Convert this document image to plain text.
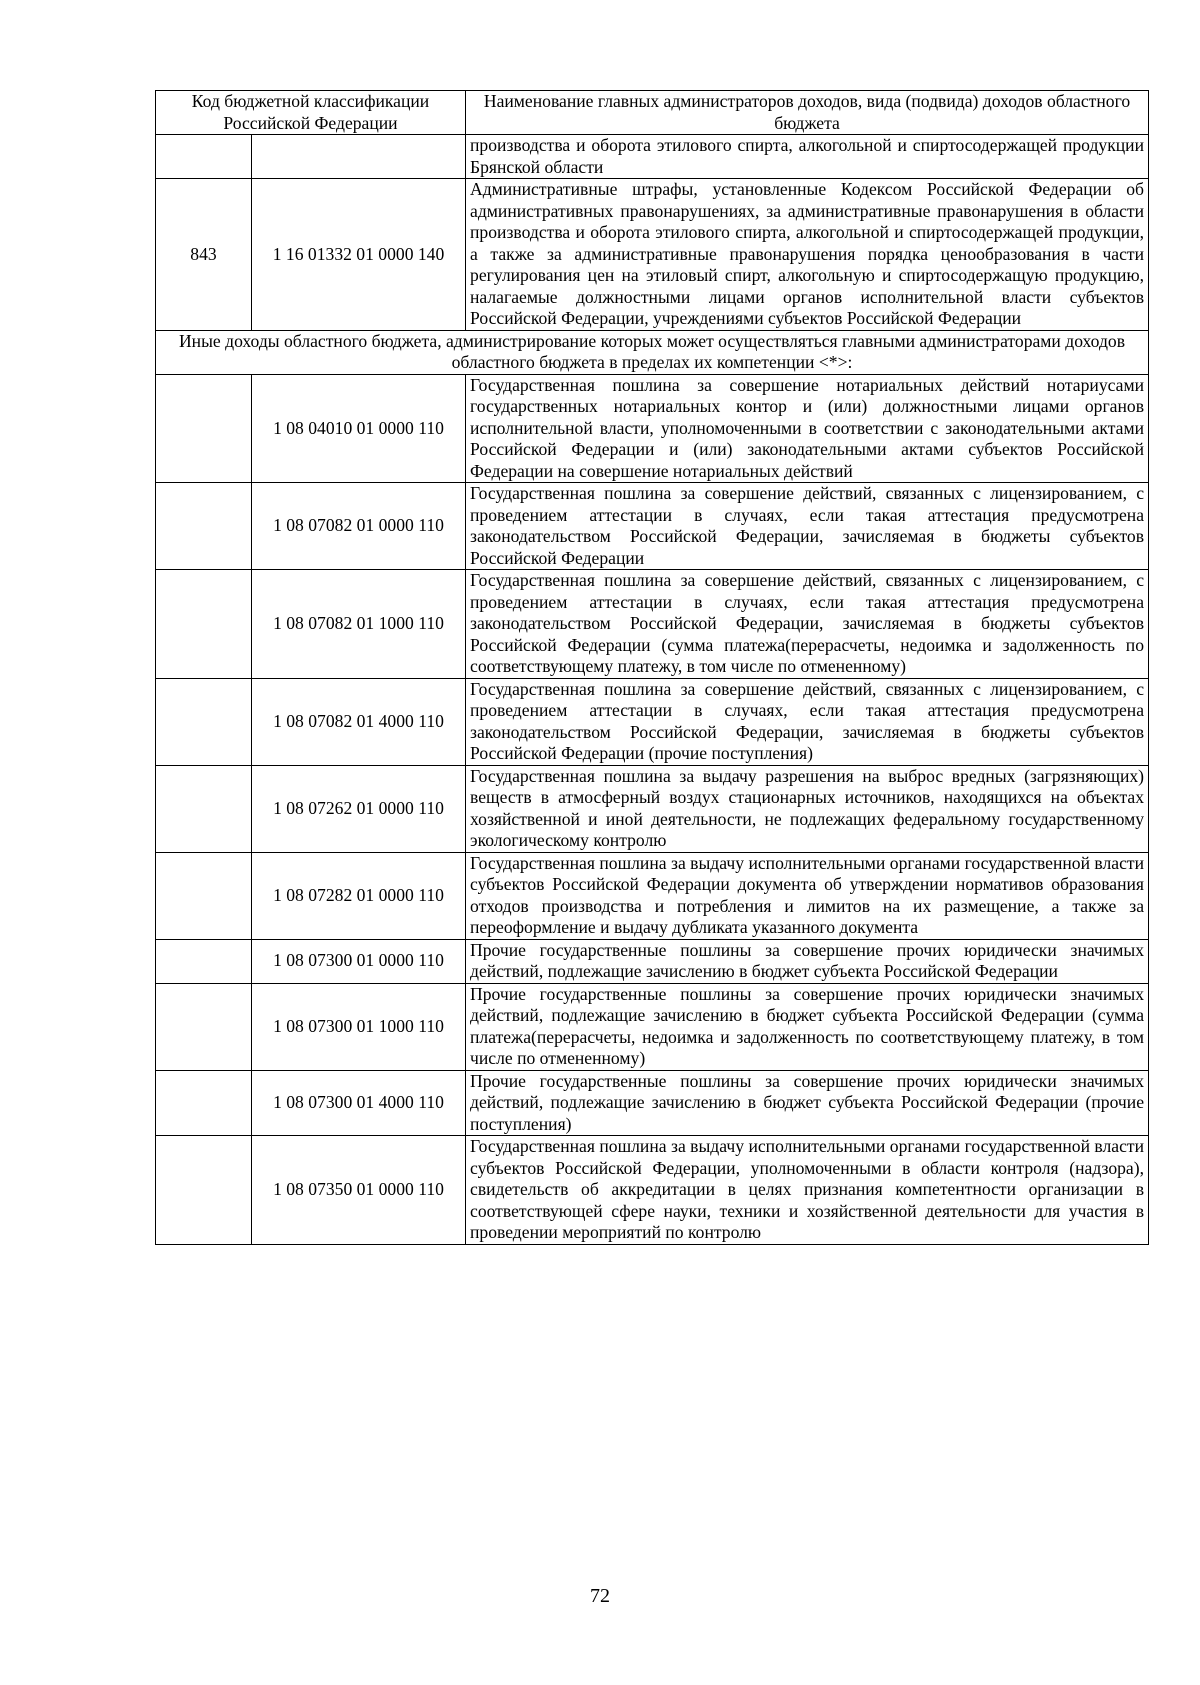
Код бюджетной классификации Российской Федерации		Наименование главных администраторов доходов, вида (подвида) доходов областного бюджета
		производства и оборота этилового спирта, алкогольной и спиртосодержащей продукции Брянской области
843	1 16 01332 01 0000 140	Административные штрафы, установленные Кодексом Российской Федерации об административных правонарушениях, за административные правонарушения в области производства и оборота этилового спирта, алкогольной и спиртосодержащей продукции, а также за административные правонарушения порядка ценообразования в части регулирования цен на этиловый спирт, алкогольную и спиртосодержащую продукцию, налагаемые должностными лицами органов исполнительной власти субъектов Российской Федерации, учреждениями субъектов Российской Федерации
Иные доходы областного бюджета, администрирование которых может осуществляться главными администраторами доходов областного бюджета в пределах их компетенции <*>:		
	1 08 04010 01 0000 110	Государственная пошлина за совершение нотариальных действий нотариусами государственных нотариальных контор и (или) должностными лицами органов исполнительной власти, уполномоченными в соответствии с законодательными актами Российской Федерации и (или) законодательными актами субъектов Российской Федерации на совершение нотариальных действий
	1 08 07082 01 0000 110	Государственная пошлина за совершение действий, связанных с лицензированием, с проведением аттестации в случаях, если такая аттестация предусмотрена законодательством Российской Федерации, зачисляемая в бюджеты субъектов Российской Федерации
	1 08 07082 01 1000 110	Государственная пошлина за совершение действий, связанных с лицензированием, с проведением аттестации в случаях, если такая аттестация предусмотрена законодательством Российской Федерации, зачисляемая в бюджеты субъектов Российской Федерации (сумма платежа(перерасчеты, недоимка и задолженность по соответствующему платежу, в том числе по отмененному)
	1 08 07082 01 4000 110	Государственная пошлина за совершение действий, связанных с лицензированием, с проведением аттестации в случаях, если такая аттестация предусмотрена законодательством Российской Федерации, зачисляемая в бюджеты субъектов Российской Федерации (прочие поступления)
	1 08 07262 01 0000 110	Государственная пошлина за выдачу разрешения на выброс вредных (загрязняющих) веществ в атмосферный воздух стационарных источников, находящихся на объектах хозяйственной и иной деятельности, не подлежащих федеральному государственному экологическому контролю
	1 08 07282 01 0000 110	Государственная пошлина за выдачу исполнительными органами государственной власти субъектов Российской Федерации документа об утверждении нормативов образования отходов производства и потребления и лимитов на их размещение, а также за переоформление и выдачу дубликата указанного документа
	1 08 07300 01 0000 110	Прочие государственные пошлины за совершение прочих юридически значимых действий, подлежащие зачислению в бюджет субъекта Российской Федерации
	1 08 07300 01 1000 110	Прочие государственные пошлины за совершение прочих юридически значимых действий, подлежащие зачислению в бюджет субъекта Российской Федерации (сумма платежа(перерасчеты, недоимка и задолженность по соответствующему платежу, в том числе по отмененному)
	1 08 07300 01 4000 110	Прочие государственные пошлины за совершение прочих юридически значимых действий, подлежащие зачислению в бюджет субъекта Российской Федерации (прочие поступления)
	1 08 07350 01 0000 110	Государственная пошлина за выдачу исполнительными органами государственной власти субъектов Российской Федерации, уполномоченными в области контроля (надзора), свидетельств об аккредитации в целях признания компетентности организации в соответствующей сфере науки, техники и хозяйственной деятельности для участия в проведении мероприятий по контролю
72
